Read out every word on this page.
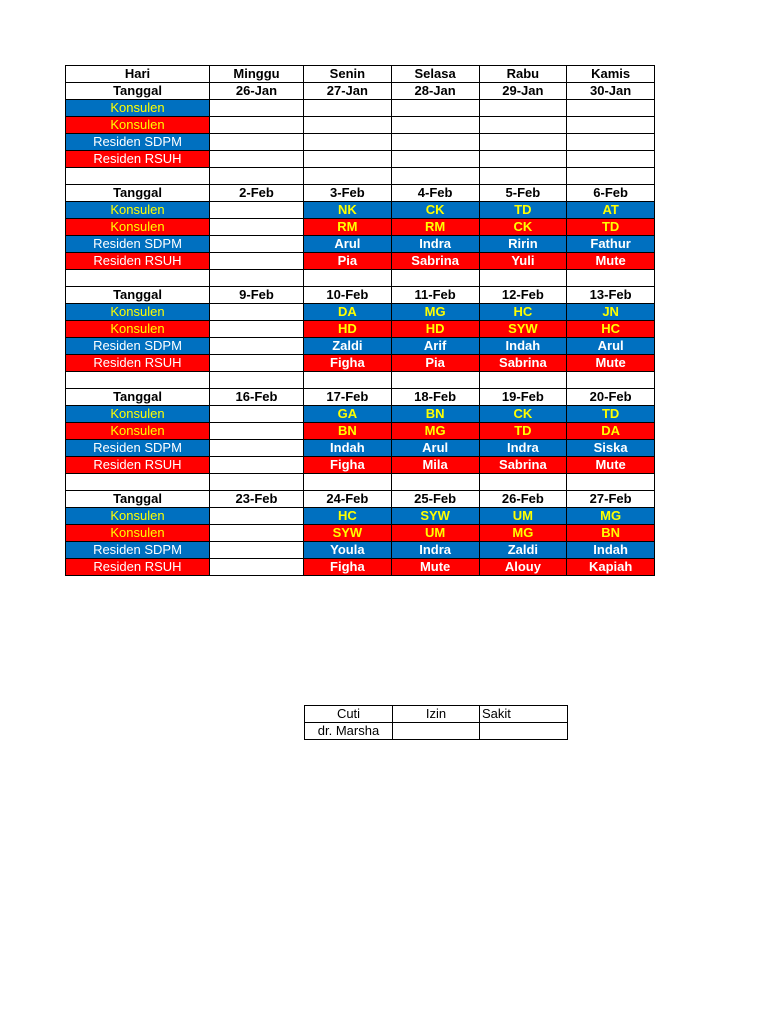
Hari	Minggu	Senin	Selasa	Rabu	Kamis
Tanggal	26-Jan	27-Jan	28-Jan	29-Jan	30-Jan
Konsulen					
Konsulen					
Residen SDPM					
Residen RSUH					

Tanggal	2-Feb	3-Feb	4-Feb	5-Feb	6-Feb
Konsulen		NK	CK	TD	AT
Konsulen		RM	RM	CK	TD
Residen SDPM		Arul	Indra	Ririn	Fathur
Residen RSUH		Pia	Sabrina	Yuli	Mute

Tanggal	9-Feb	10-Feb	11-Feb	12-Feb	13-Feb
Konsulen		DA	MG	HC	JN
Konsulen		HD	HD	SYW	HC
Residen SDPM		Zaldi	Arif	Indah	Arul
Residen RSUH		Figha	Pia	Sabrina	Mute

Tanggal	16-Feb	17-Feb	18-Feb	19-Feb	20-Feb
Konsulen		GA	BN	CK	TD
Konsulen		BN	MG	TD	DA
Residen SDPM		Indah	Arul	Indra	Siska
Residen RSUH		Figha	Mila	Sabrina	Mute

Tanggal	23-Feb	24-Feb	25-Feb	26-Feb	27-Feb
Konsulen		HC	SYW	UM	MG
Konsulen		SYW	UM	MG	BN
Residen SDPM		Youla	Indra	Zaldi	Indah
Residen RSUH		Figha	Mute	Alouy	Kapiah
Cuti	Izin	Sakit
dr. Marsha		
